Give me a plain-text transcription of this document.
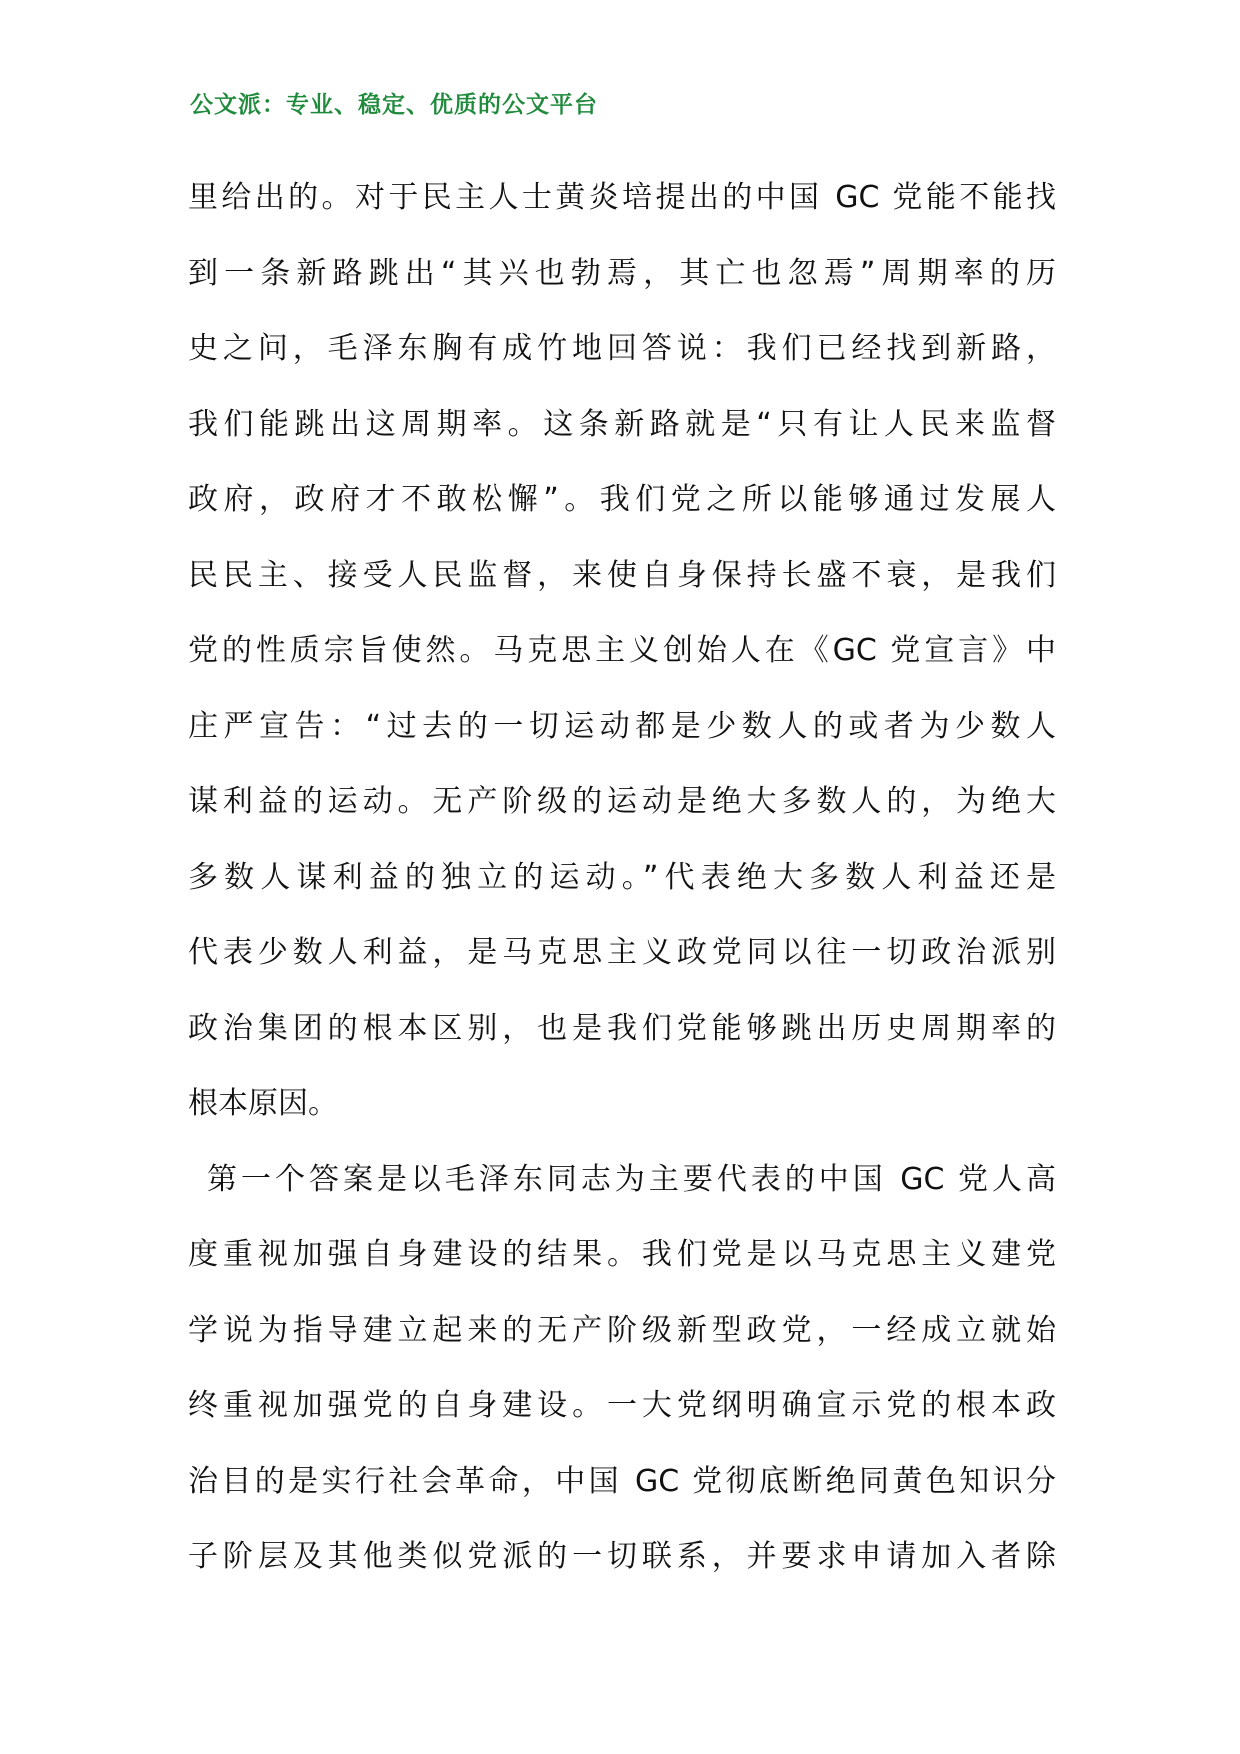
公文派：专业、稳定、优质的公文平台
里给出的。对于民主人士黄炎培提出的中国 GC 党能不能找
到一条新路跳出“其兴也勃焉，其亡也忽焉”周期率的历
史之问，毛泽东胸有成竹地回答说：我们已经找到新路，
我们能跳出这周期率。这条新路就是“只有让人民来监督
政府，政府才不敢松懈”。我们党之所以能够通过发展人
民民主、接受人民监督，来使自身保持长盛不衰，是我们
党的性质宗旨使然。马克思主义创始人在《GC 党宣言》中
庄严宣告：“过去的一切运动都是少数人的或者为少数人
谋利益的运动。无产阶级的运动是绝大多数人的，为绝大
多数人谋利益的独立的运动。”代表绝大多数人利益还是
代表少数人利益，是马克思主义政党同以往一切政治派别
政治集团的根本区别，也是我们党能够跳出历史周期率的
根本原因。
第一个答案是以毛泽东同志为主要代表的中国 GC 党人高
度重视加强自身建设的结果。我们党是以马克思主义建党
学说为指导建立起来的无产阶级新型政党，一经成立就始
终重视加强党的自身建设。一大党纲明确宣示党的根本政
治目的是实行社会革命，中国 GC 党彻底断绝同黄色知识分
子阶层及其他类似党派的一切联系，并要求申请加入者除
